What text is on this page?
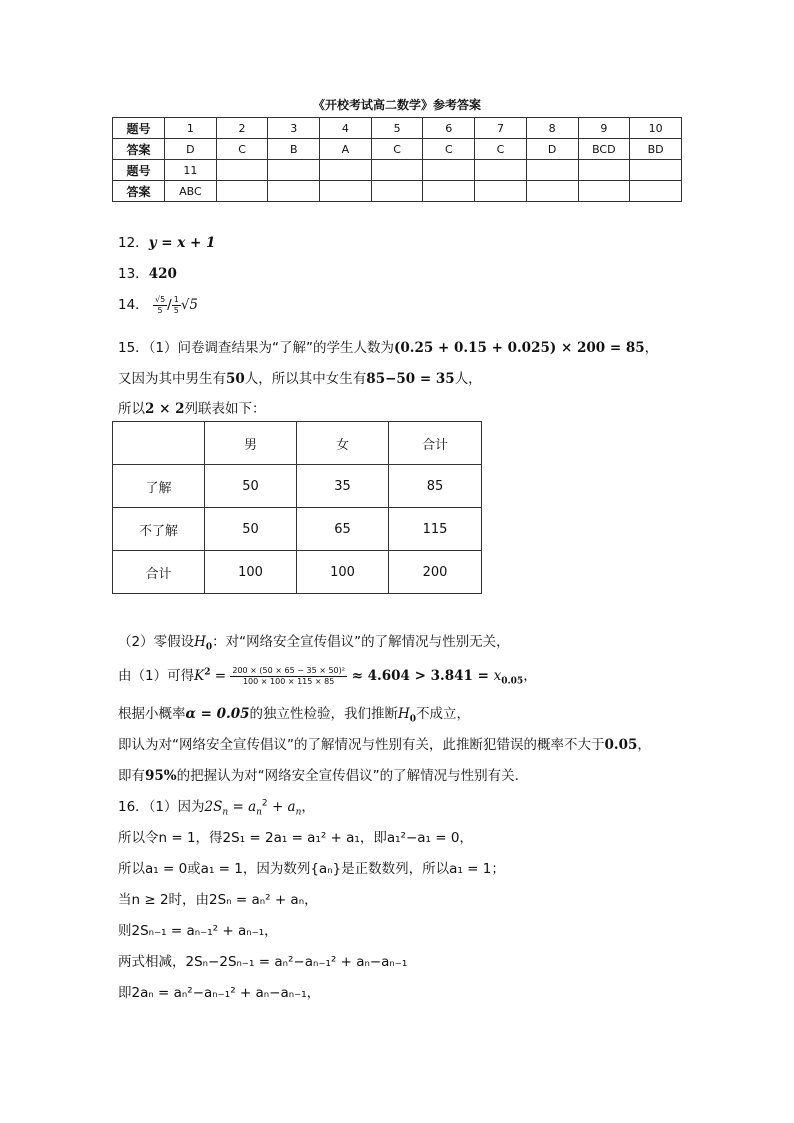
《开校考试高二数学》参考答案
题号	1	2	3	4	5	6	7	8	9	10
答案	D	C	B	A	C	C	C	D	BCD	BD
题号	11									
答案	ABC									
12．y = x + 1
13．420
14． $\frac{√5}{5} / \frac{1}{5} √5$
15．（1）问卷调查结果为“了解”的学生人数为(0.25 + 0.15 + 0.025) × 200 = 85，
又因为其中男生有50人，所以其中女生有85−50 = 35人，
所以2 × 2列联表如下：
	男	女	合计
了解	50	35	85
不了解	50	65	115
合计	100	100	200
（2）零假设$H_0$：对“网络安全宣传倡议”的了解情况与性别无关，
由（1）可得$K^2 = \frac{\text{200 × (50 × 65 − 35 × 50)²}}{100 \times 100 \times 115 \times 85} \approx 4.604 > 3.841 = x_{0.05}$，
根据小概率α = 0.05的独立性检验，我们推断$H_0$不成立，
即认为对“网络安全宣传倡议”的了解情况与性别有关，此推断犯错误的概率不大于0.05，
即有95%的把握认为对“网络安全宣传倡议”的了解情况与性别有关.
16．（1）因为$2S_n = a_n^2 + a_n$，
所以令n = 1，得2S₁ = 2a₁ = a₁² + a₁，即a₁²−a₁ = 0，
所以a₁ = 0或a₁ = 1，因为数列{aₙ}是正数数列，所以a₁ = 1；
当n ≥ 2时，由2Sₙ = aₙ² + aₙ，
则2Sₙ₋₁ = aₙ₋₁² + aₙ₋₁，
两式相减，2Sₙ−2Sₙ₋₁ = aₙ²−aₙ₋₁² + aₙ−aₙ₋₁
即2aₙ = aₙ²−aₙ₋₁² + aₙ−aₙ₋₁，
